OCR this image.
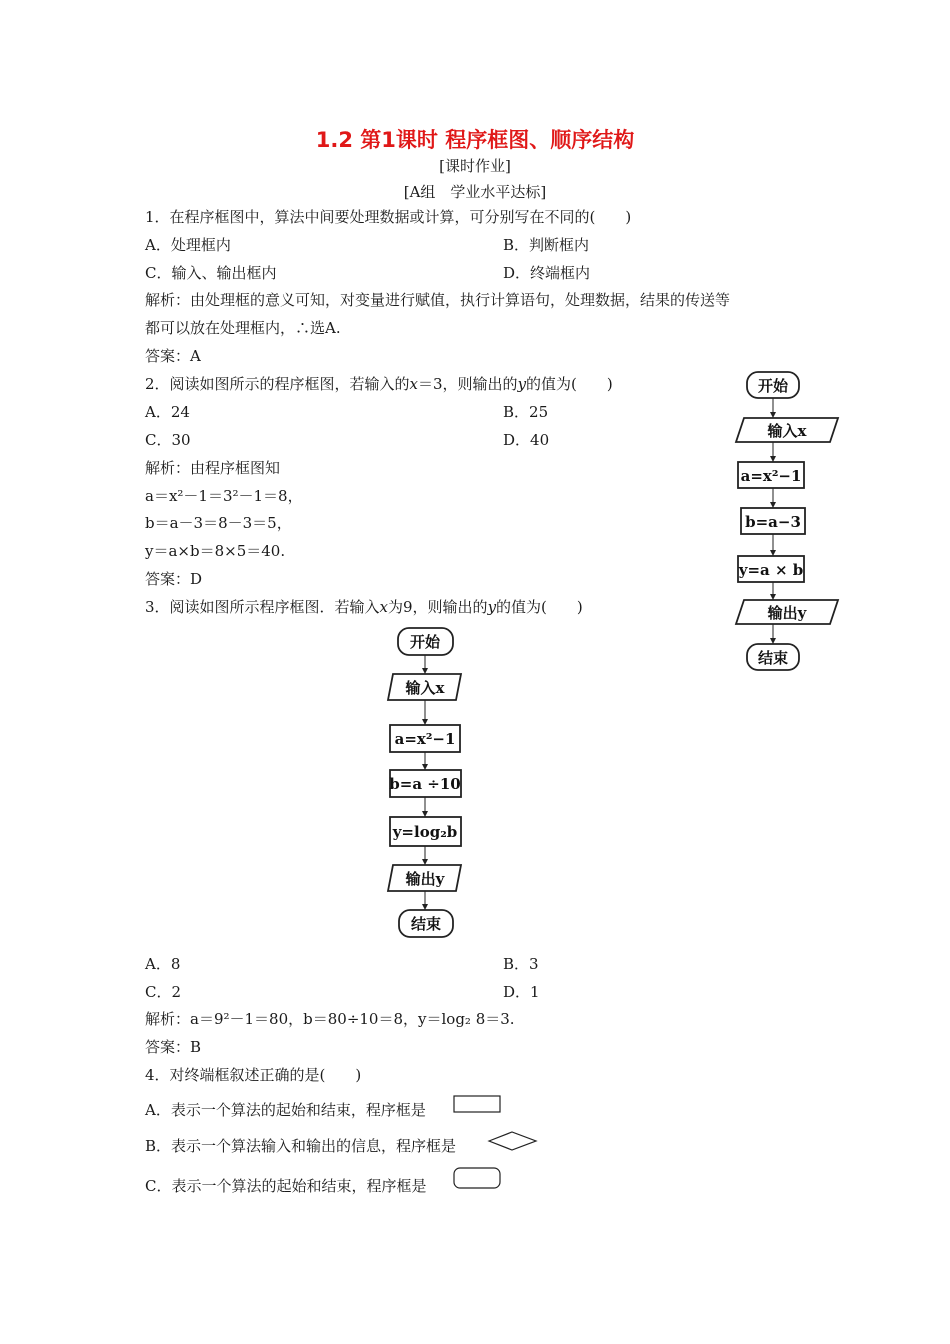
1.2 第1课时 程序框图、顺序结构
[课时作业]
[A组　学业水平达标]
1．在程序框图中，算法中间要处理数据或计算，可分别写在不同的(　　)
A．处理框内	B．判断框内
C．输入、输出框内	D．终端框内
解析：由处理框的意义可知，对变量进行赋值，执行计算语句，处理数据，结果的传送等
都可以放在处理框内，∴选A.
答案：A
2．阅读如图所示的程序框图，若输入的x＝3，则输出的y的值为(　　)
A．24	B．25
C．30	D．40
解析：由程序框图知
a＝x²－1＝3²－1＝8，
b＝a－3＝8－3＝5，
y＝a×b＝8×5＝40.
答案：D
开始
输入x
a=x²−1
b=a−3
y=a × b
输出y
结束
3．阅读如图所示程序框图．若输入x为9，则输出的y的值为(　　)
开始
输入x
a=x²−1
b=a ÷10
y=log₂b
输出y
结束
A．8	B．3
C．2	D．1
解析：a＝9²－1＝80，b＝80÷10＝8，y＝log₂ 8＝3.
答案：B
4．对终端框叙述正确的是(　　)
A．表示一个算法的起始和结束，程序框是
B．表示一个算法输入和输出的信息，程序框是
C．表示一个算法的起始和结束，程序框是
